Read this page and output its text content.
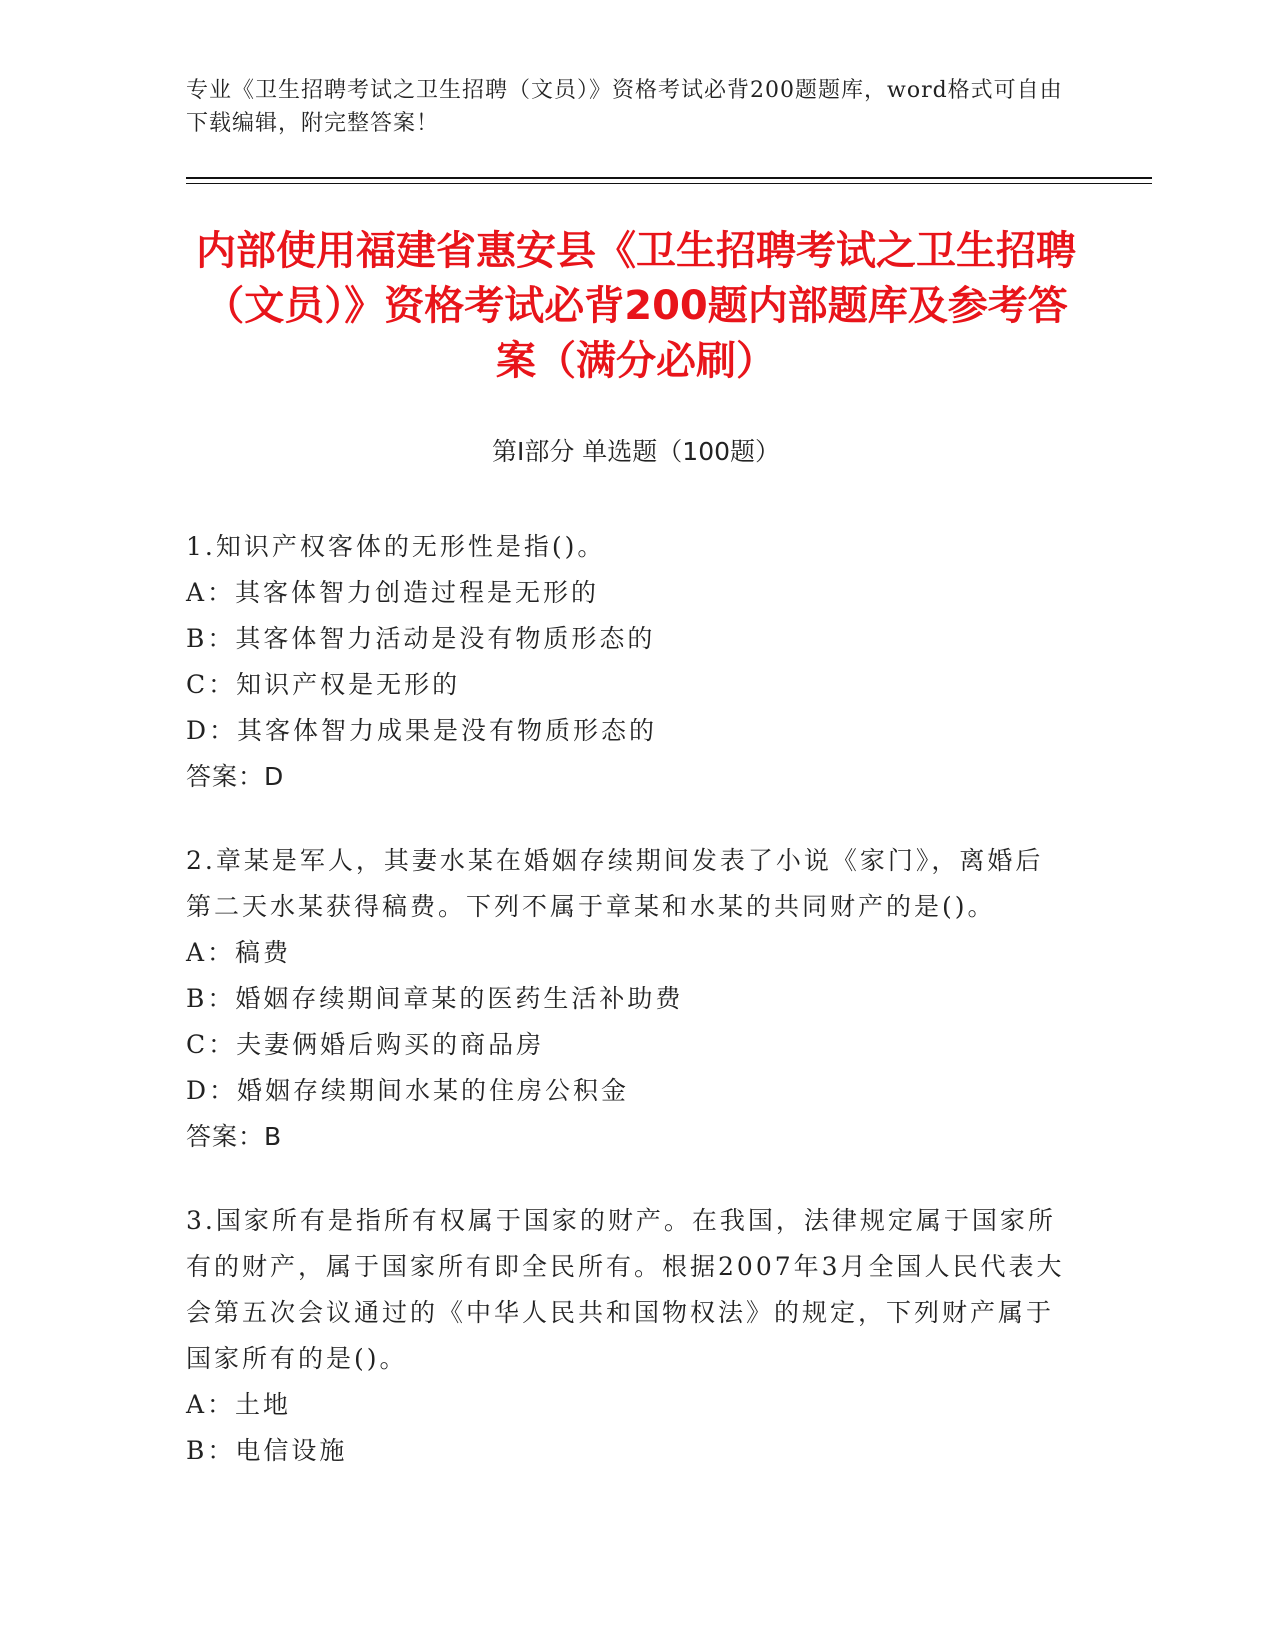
专业《卫生招聘考试之卫生招聘（文员）》资格考试必背200题题库，word格式可自由下载编辑，附完整答案！
内部使用福建省惠安县《卫生招聘考试之卫生招聘（文员）》资格考试必背200题内部题库及参考答案（满分必刷）
第Ⅰ部分 单选题（100题）

1.知识产权客体的无形性是指()。

A：其客体智力创造过程是无形的

B：其客体智力活动是没有物质形态的

C：知识产权是无形的

D：其客体智力成果是没有物质形态的

答案：D

2.章某是军人，其妻水某在婚姻存续期间发表了小说《家门》，离婚后第二天水某获得稿费。下列不属于章某和水某的共同财产的是()。

A：稿费

B：婚姻存续期间章某的医药生活补助费

C：夫妻俩婚后购买的商品房

D：婚姻存续期间水某的住房公积金

答案：B

3.国家所有是指所有权属于国家的财产。在我国，法律规定属于国家所有的财产，属于国家所有即全民所有。根据2007年3月全国人民代表大会第五次会议通过的《中华人民共和国物权法》的规定，下列财产属于国家所有的是()。

A：土地

B：电信设施
